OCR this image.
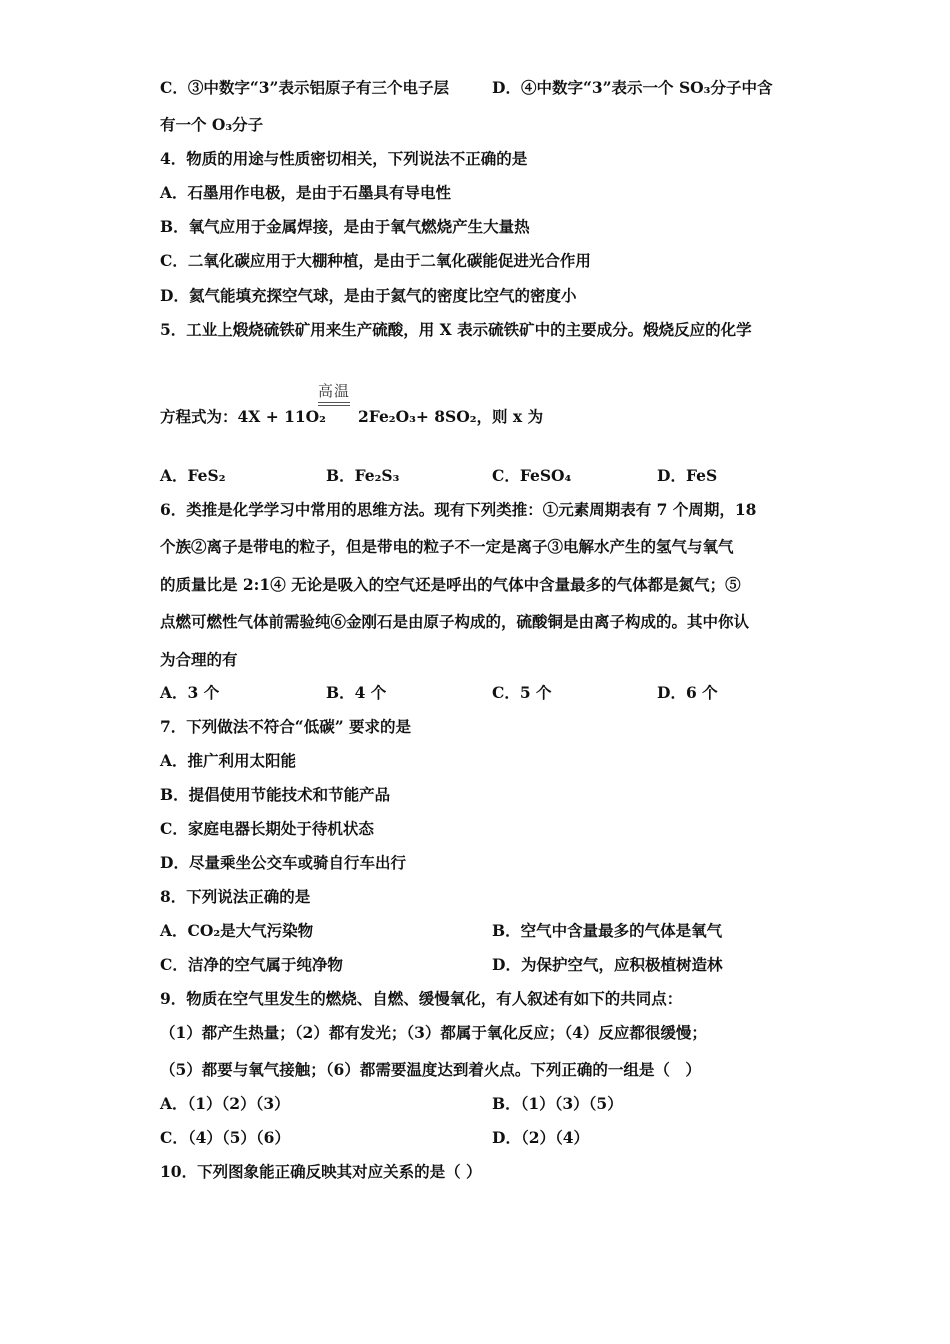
C．③中数字“3”表示铝原子有三个电子层	D．④中数字“3”表示一个 SO₃分子中含
有一个 O₃分子
4．物质的用途与性质密切相关，下列说法不正确的是
A．石墨用作电极，是由于石墨具有导电性
B．氧气应用于金属焊接，是由于氧气燃烧产生大量热
C．二氧化碳应用于大棚种植，是由于二氧化碳能促进光合作用
D．氦气能填充探空气球，是由于氦气的密度比空气的密度小
5．工业上煅烧硫铁矿用来生产硫酸，用 X 表示硫铁矿中的主要成分。煅烧反应的化学
高温
方程式为：4X + 11O₂ 2Fe₂O₃+ 8SO₂，则 x 为
A．FeS₂	B．Fe₂S₃	C．FeSO₄	D．FeS
6．类推是化学学习中常用的思维方法。现有下列类推：①元素周期表有 7 个周期，18
个族②离子是带电的粒子，但是带电的粒子不一定是离子③电解水产生的氢气与氧气
的质量比是 2:1④ 无论是吸入的空气还是呼出的气体中含量最多的气体都是氮气；⑤
点燃可燃性气体前需验纯⑥金刚石是由原子构成的，硫酸铜是由离子构成的。其中你认
为合理的有
A．3 个	B．4 个	C．5 个	D．6 个
7．下列做法不符合“低碳” 要求的是
A．推广利用太阳能
B．提倡使用节能技术和节能产品
C．家庭电器长期处于待机状态
D．尽量乘坐公交车或骑自行车出行
8．下列说法正确的是
A．CO₂是大气污染物	B．空气中含量最多的气体是氧气
C．洁净的空气属于纯净物	D．为保护空气，应积极植树造林
9．物质在空气里发生的燃烧、自燃、缓慢氧化，有人叙述有如下的共同点：
（1）都产生热量；（2）都有发光；（3）都属于氧化反应；（4）反应都很缓慢；
（5）都要与氧气接触；（6）都需要温度达到着火点。下列正确的一组是（　）
A．（1）（2）（3）	B．（1）（3）（5）
C．（4）（5）（6）	D．（2）（4）
10．下列图象能正确反映其对应关系的是（ ）
